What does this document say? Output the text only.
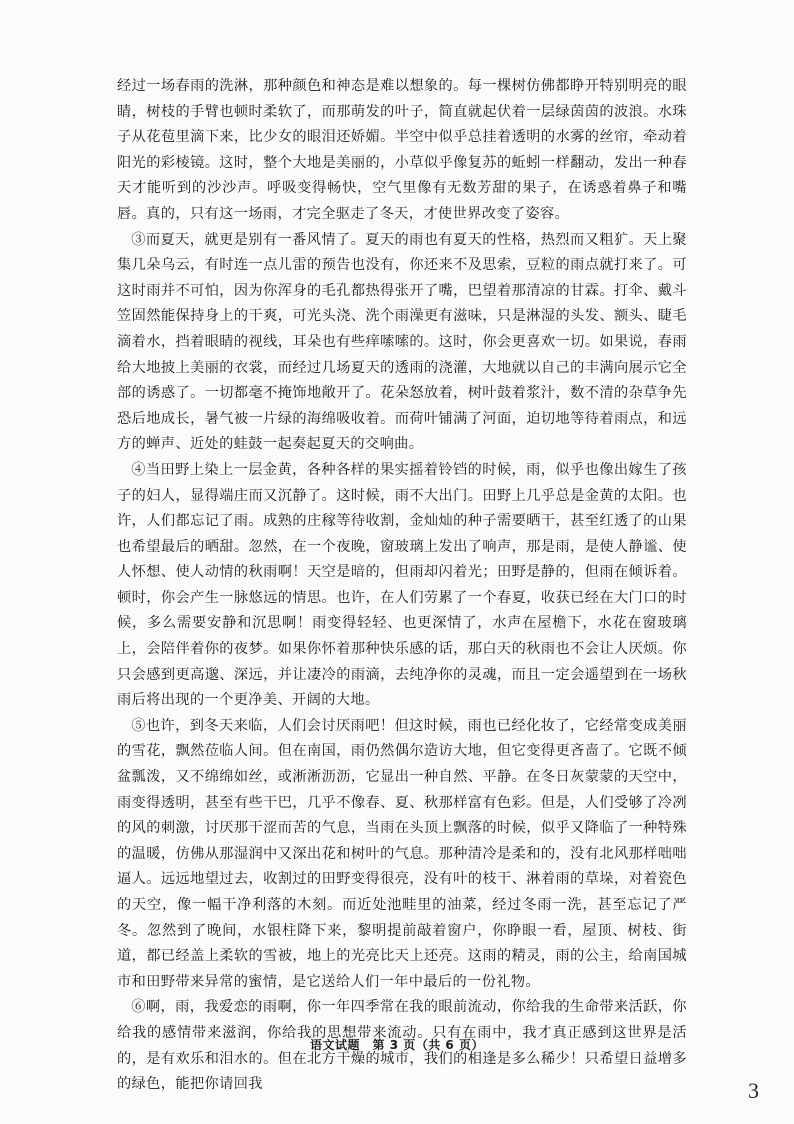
经过一场春雨的洗淋，那种颜色和神态是难以想象的。每一棵树仿佛都睁开特别明亮的眼睛，树枝的手臂也顿时柔软了，而那萌发的叶子，简直就起伏着一层绿茵茵的波浪。水珠子从花苞里滴下来，比少女的眼泪还娇媚。半空中似乎总挂着透明的水雾的丝帘，牵动着阳光的彩棱镜。这时，整个大地是美丽的，小草似乎像复苏的蚯蚓一样翻动，发出一种春天才能听到的沙沙声。呼吸变得畅快，空气里像有无数芳甜的果子，在诱惑着鼻子和嘴唇。真的，只有这一场雨，才完全驱走了冬天，才使世界改变了姿容。

③而夏天，就更是别有一番风情了。夏天的雨也有夏天的性格，热烈而又粗犷。天上聚集几朵乌云，有时连一点儿雷的预告也没有，你还来不及思索，豆粒的雨点就打来了。可这时雨并不可怕，因为你浑身的毛孔都热得张开了嘴，巴望着那清凉的甘霖。打伞、戴斗笠固然能保持身上的干爽，可光头浇、洗个雨澡更有滋味，只是淋湿的头发、额头、睫毛滴着水，挡着眼睛的视线，耳朵也有些痒嗦嗦的。这时，你会更喜欢一切。如果说，春雨给大地披上美丽的衣裳，而经过几场夏天的透雨的浇灌，大地就以自己的丰满向展示它全部的诱惑了。一切都毫不掩饰地敞开了。花朵怒放着，树叶鼓着浆汁，数不清的杂草争先恐后地成长，暑气被一片绿的海绵吸收着。而荷叶铺满了河面，迫切地等待着雨点，和远方的蝉声、近处的蛙鼓一起奏起夏天的交响曲。

④当田野上染上一层金黄，各种各样的果实摇着铃铛的时候，雨，似乎也像出嫁生了孩子的妇人，显得端庄而又沉静了。这时候，雨不大出门。田野上几乎总是金黄的太阳。也许，人们都忘记了雨。成熟的庄稼等待收割，金灿灿的种子需要晒干，甚至红透了的山果也希望最后的晒甜。忽然，在一个夜晚，窗玻璃上发出了响声，那是雨，是使人静谧、使人怀想、使人动情的秋雨啊！天空是暗的，但雨却闪着光；田野是静的，但雨在倾诉着。顿时，你会产生一脉悠远的情思。也许，在人们劳累了一个春夏，收获已经在大门口的时候，多么需要安静和沉思啊！雨变得轻轻、也更深情了，水声在屋檐下，水花在窗玻璃上，会陪伴着你的夜梦。如果你怀着那种快乐感的话，那白天的秋雨也不会让人厌烦。你只会感到更高邈、深远，并让凄冷的雨滴，去纯净你的灵魂，而且一定会遥望到在一场秋雨后将出现的一个更净美、开阔的大地。

⑤也许，到冬天来临，人们会讨厌雨吧！但这时候，雨也已经化妆了，它经常变成美丽的雪花，飘然莅临人间。但在南国，雨仍然偶尔造访大地，但它变得更吝啬了。它既不倾盆瓢泼，又不绵绵如丝，或淅淅沥沥，它显出一种自然、平静。在冬日灰蒙蒙的天空中，雨变得透明，甚至有些干巴，几乎不像春、夏、秋那样富有色彩。但是，人们受够了冷冽的风的刺激，讨厌那干涩而苦的气息，当雨在头顶上飘落的时候，似乎又降临了一种特殊的温暖，仿佛从那湿润中又深出花和树叶的气息。那种清冷是柔和的，没有北风那样咄咄逼人。远远地望过去，收割过的田野变得很亮，没有叶的枝干、淋着雨的草垛，对着瓷色的天空，像一幅干净利落的木刻。而近处池畦里的油菜，经过冬雨一洗，甚至忘记了严冬。忽然到了晚间，水银柱降下来，黎明提前敲着窗户，你睁眼一看，屋顶、树枝、街道，都已经盖上柔软的雪被，地上的光亮比天上还亮。这雨的精灵，雨的公主，给南国城市和田野带来异常的蜜情，是它送给人们一年中最后的一份礼物。

⑥啊，雨，我爱恋的雨啊，你一年四季常在我的眼前流动，你给我的生命带来活跃，你给我的感情带来滋润，你给我的思想带来流动。只有在雨中，我才真正感到这世界是活的，是有欢乐和泪水的。但在北方干燥的城市，我们的相逢是多么稀少！只希望日益增多的绿色，能把你请回我

语文试题　第 3 页（共 6 页）
3
